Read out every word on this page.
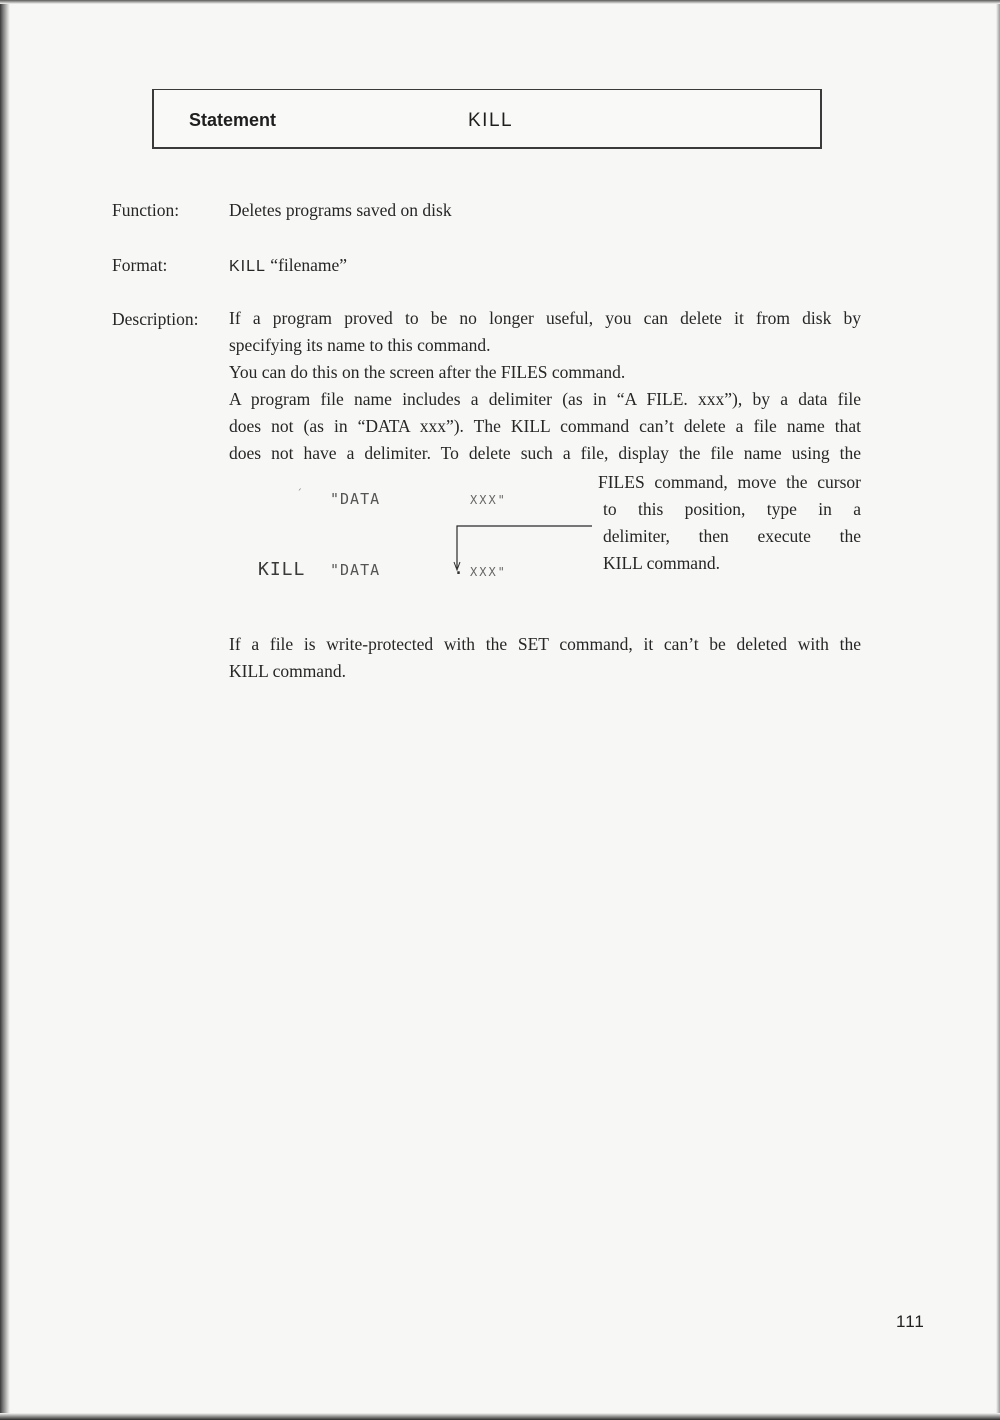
Statement	KILL
Function:	Deletes programs saved on disk
Format:	KILL “filename”
Description: If a program proved to be no longer useful, you can delete it from disk by

specifying its name to this command.

You can do this on the screen after the FILES command.

A program file name includes a delimiter (as in “A FILE. xxx”), by a data file

does not (as in “DATA xxx”). The KILL command can’t delete a file name that

does not have a delimiter. To delete such a file, display the file name using the

FILES command, move the cursor
to this position, type in a
delimiter, then execute the
KILL command.
´ "DATA	XXX"
KILL "DATA	. XXX"

If a file is write-protected with the SET command, it can’t be deleted with the

KILL command.

111
